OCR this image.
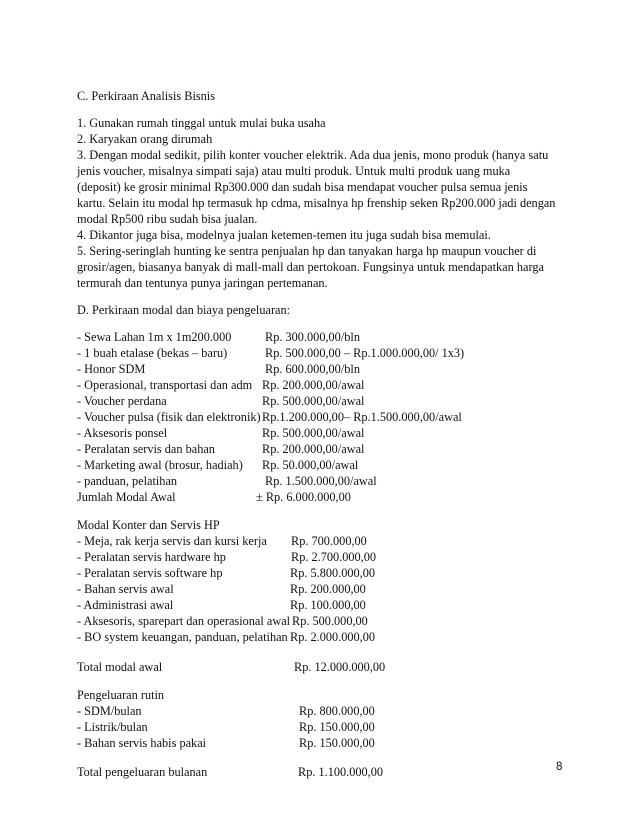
C. Perkiraan Analisis Bisnis
1. Gunakan rumah tinggal untuk mulai buka usaha
2. Karyakan orang dirumah
3. Dengan modal sedikit, pilih konter voucher elektrik. Ada dua jenis, mono produk (hanya satu
jenis voucher, misalnya simpati saja) atau multi produk. Untuk multi produk uang muka
(deposit) ke grosir minimal Rp300.000 dan sudah bisa mendapat voucher pulsa semua jenis
kartu. Selain itu modal hp termasuk hp cdma, misalnya hp frenship seken Rp200.000 jadi dengan
modal Rp500 ribu sudah bisa jualan.
4. Dikantor juga bisa, modelnya jualan ketemen-temen itu juga sudah bisa memulai.
5. Sering-seringlah hunting ke sentra penjualan hp dan tanyakan harga hp maupun voucher di
grosir/agen, biasanya banyak di mall-mall dan pertokoan. Fungsinya untuk mendapatkan harga
termurah dan tentunya punya jaringan pertemanan.
D. Perkiraan modal dan biaya pengeluaran:
- Sewa Lahan 1m x 1m200.000	Rp. 300.000,00/bln
- 1 buah etalase (bekas – baru)	Rp. 500.000,00 – Rp.1.000.000,00/ 1x3)
- Honor SDM	Rp. 600.000,00/bln
- Operasional, transportasi dan adm Rp. 200.000,00/awal
- Voucher perdana	Rp. 500.000,00/awal
- Voucher pulsa (fisik dan elektronik) Rp.1.200.000,00– Rp.1.500.000,00/awal
- Aksesoris ponsel	Rp. 500.000,00/awal
- Peralatan servis dan bahan	Rp. 200.000,00/awal
- Marketing awal (brosur, hadiah) Rp. 50.000,00/awal
- panduan, pelatihan	Rp. 1.500.000,00/awal
Jumlah Modal Awal	± Rp. 6.000.000,00
Modal Konter dan Servis HP
- Meja, rak kerja servis dan kursi kerja Rp. 700.000,00
- Peralatan servis hardware hp	Rp. 2.700.000,00
- Peralatan servis software hp	Rp. 5.800.000,00
- Bahan servis awal	Rp. 200.000,00
- Administrasi awal	Rp. 100.000,00
- Aksesoris, sparepart dan operasional awal Rp. 500.000,00
- BO system keuangan, panduan, pelatihan Rp. 2.000.000,00
Total modal awal	Rp. 12.000.000,00
Pengeluaran rutin
- SDM/bulan	Rp. 800.000,00
- Listrik/bulan	Rp. 150.000,00
- Bahan servis habis pakai	Rp. 150.000,00
Total pengeluaran bulanan	Rp. 1.100.000,00	8
